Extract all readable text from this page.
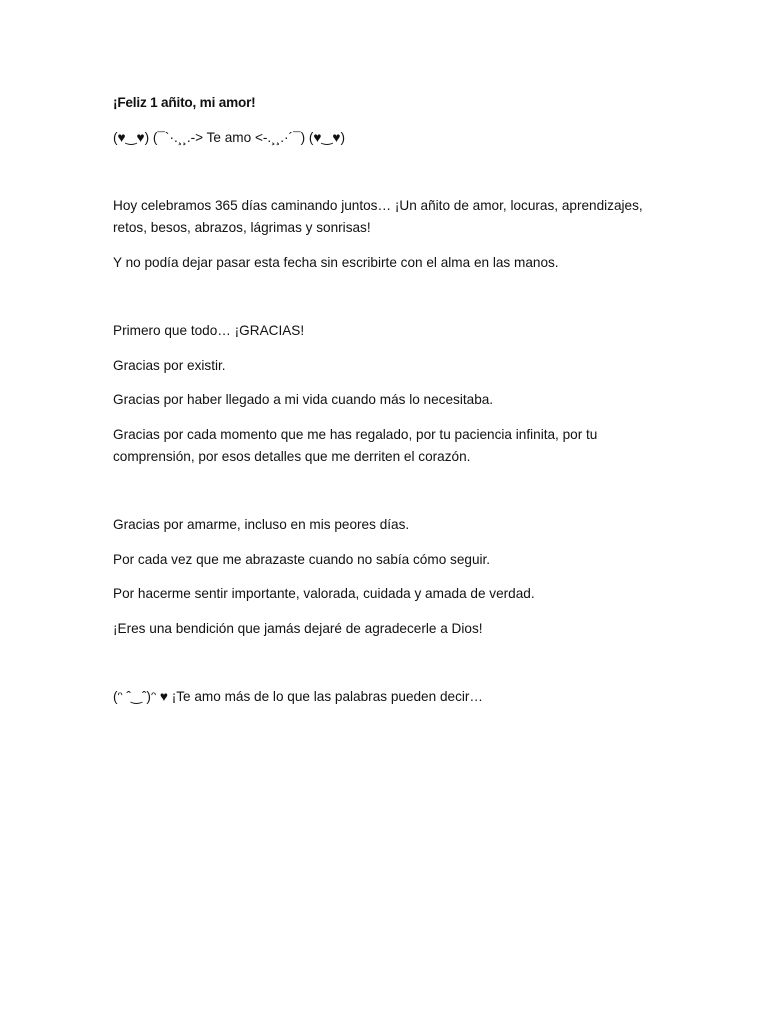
¡Feliz 1 añito, mi amor!

(♥‿♥) (¯`·.¸¸.-> Te amo <-.¸¸.·´¯) (♥‿♥)

Hoy celebramos 365 días caminando juntos… ¡Un añito de amor, locuras, aprendizajes, retos, besos, abrazos, lágrimas y sonrisas!

Y no podía dejar pasar esta fecha sin escribirte con el alma en las manos.

Primero que todo… ¡GRACIAS!

Gracias por existir.

Gracias por haber llegado a mi vida cuando más lo necesitaba.

Gracias por cada momento que me has regalado, por tu paciencia infinita, por tu comprensión, por esos detalles que me derriten el corazón.

Gracias por amarme, incluso en mis peores días.

Por cada vez que me abrazaste cuando no sabía cómo seguir.

Por hacerme sentir importante, valorada, cuidada y amada de verdad.

¡Eres una bendición que jamás dejaré de agradecerle a Dios!

(ᵔ ˆ‿ˆ)ᵔ ♥ ¡Te amo más de lo que las palabras pueden decir…
